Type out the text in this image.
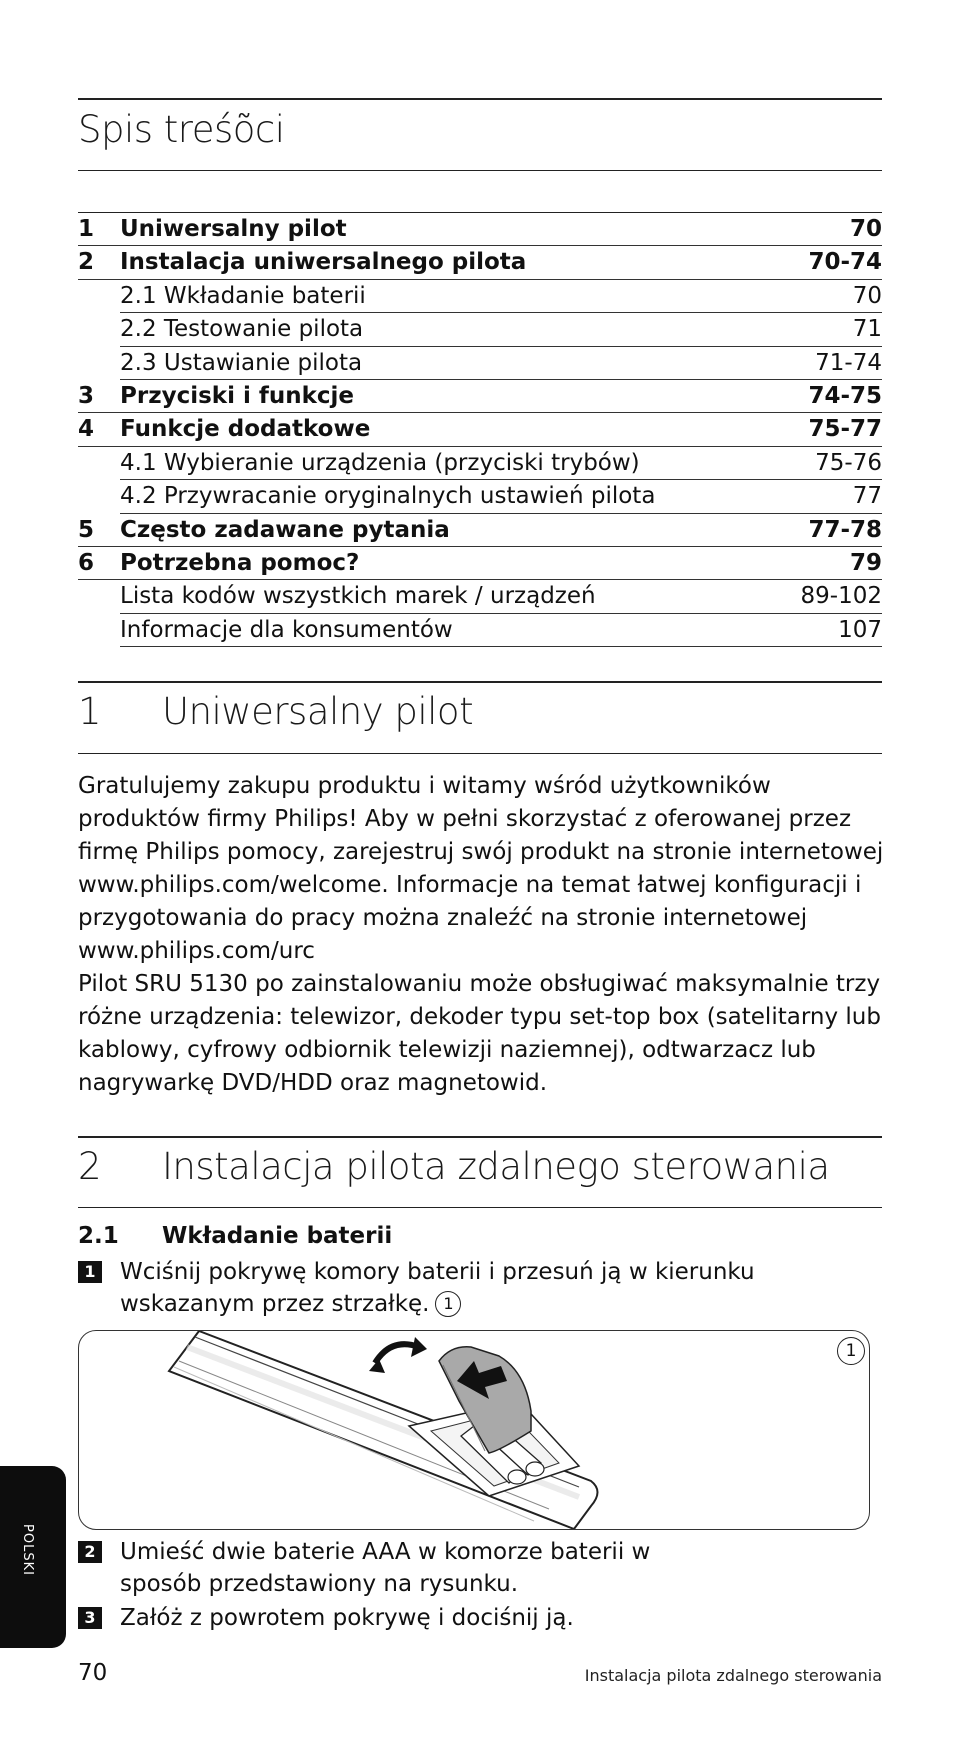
Spis treśõci
1 Uniwersalny pilot	70
2 Instalacja uniwersalnego pilota	70-74
2.1 Wkładanie baterii	70
2.2 Testowanie pilota	71
2.3 Ustawianie pilota	71-74
3 Przyciski i funkcje	74-75
4 Funkcje dodatkowe	75-77
4.1 Wybieranie urządzenia (przyciski trybów)	75-76
4.2 Przywracanie oryginalnych ustawień pilota	77
5 Często zadawane pytania	77-78
6 Potrzebna pomoc?	79
Lista kodów wszystkich marek / urządzeń	89-102
Informacje dla konsumentów	107
1 Uniwersalny pilot

Gratulujemy zakupu produktu i witamy wśród użytkowników produktów firmy Philips! Aby w pełni skorzystać z oferowanej przez firmę Philips pomocy, zarejestruj swój produkt na stronie internetowej www.philips.com/welcome. Informacje na temat łatwej konfiguracji i przygotowania do pracy można znaleźć na stronie internetowej www.philips.com/urc

Pilot SRU 5130 po zainstalowaniu może obsługiwać maksymalnie trzy różne urządzenia: telewizor, dekoder typu set-top box (satelitarny lub kablowy, cyfrowy odbiornik telewizji naziemnej), odtwarzacz lub nagrywarkę DVD/HDD oraz magnetowid.

2 Instalacja pilota zdalnego sterowania
2.1 Wkładanie baterii
1 Wciśnij pokrywę komory baterii i przesuń ją w kierunku wskazanym przez strzałkę. 1
1
2 Umieść dwie baterie AAA w komorze baterii w sposób przedstawiony na rysunku.
3 Załóż z powrotem pokrywę i dociśnij ją.
POLSKI
70	Instalacja pilota zdalnego sterowania
